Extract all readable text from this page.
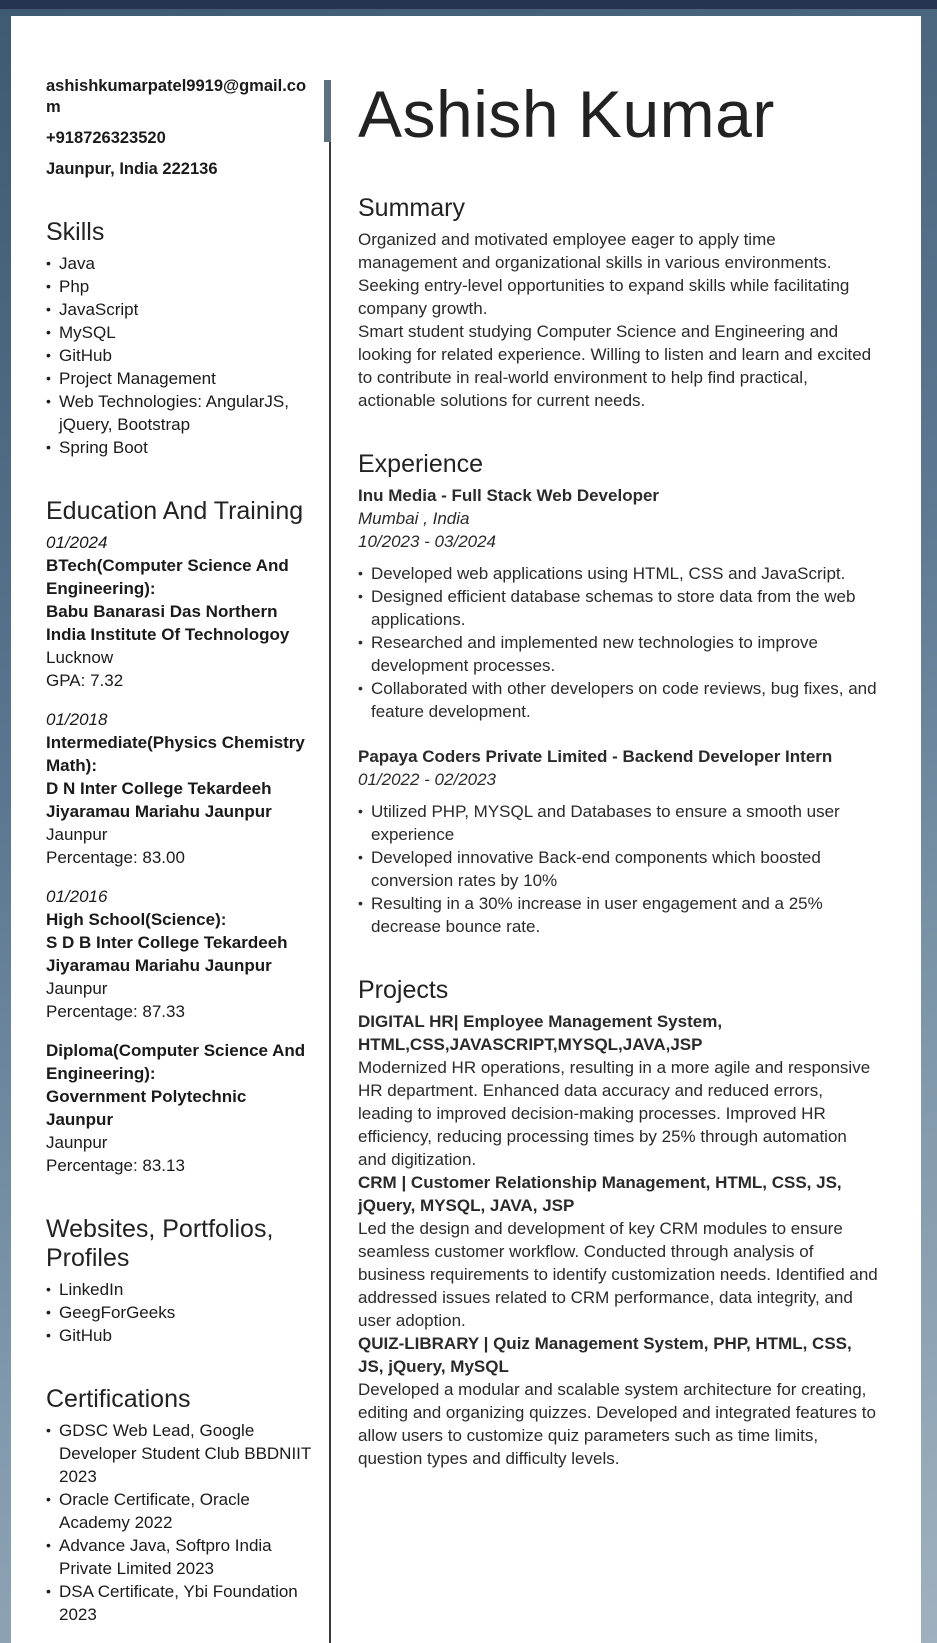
ashishkumarpatel9919@gmail.com
+918726323520
Jaunpur, India 222136
Skills
• Java
• Php
• JavaScript
• MySQL
• GitHub
• Project Management
• Web Technologies: AngularJS, jQuery, Bootstrap
• Spring Boot
Education And Training
01/2024
BTech(Computer Science And Engineering):
Babu Banarasi Das Northern India Institute Of Technologoy
Lucknow
GPA: 7.32
01/2018
Intermediate(Physics Chemistry Math):
D N Inter College Tekardeeh Jiyaramau Mariahu Jaunpur
Jaunpur
Percentage: 83.00
01/2016
High School(Science):
S D B Inter College Tekardeeh Jiyaramau Mariahu Jaunpur
Jaunpur
Percentage: 87.33
Diploma(Computer Science And Engineering):
Government Polytechnic Jaunpur
Jaunpur
Percentage: 83.13
Websites, Portfolios, Profiles
• LinkedIn
• GeegForGeeks
• GitHub
Certifications
• GDSC Web Lead, Google Developer Student Club BBDNIIT 2023
• Oracle Certificate, Oracle Academy 2022
• Advance Java, Softpro India Private Limited 2023
• DSA Certificate, Ybi Foundation 2023
Ashish Kumar
Summary
Organized and motivated employee eager to apply time management and organizational skills in various environments. Seeking entry-level opportunities to expand skills while facilitating company growth.
Smart student studying Computer Science and Engineering and looking for related experience. Willing to listen and learn and excited to contribute in real-world environment to help find practical, actionable solutions for current needs.
Experience
Inu Media - Full Stack Web Developer
Mumbai , India
10/2023 - 03/2024
• Developed web applications using HTML, CSS and JavaScript.
• Designed efficient database schemas to store data from the web applications.
• Researched and implemented new technologies to improve development processes.
• Collaborated with other developers on code reviews, bug fixes, and feature development.
Papaya Coders Private Limited - Backend Developer Intern
01/2022 - 02/2023
• Utilized PHP, MYSQL and Databases to ensure a smooth user experience
• Developed innovative Back-end components which boosted conversion rates by 10%
• Resulting in a 30% increase in user engagement and a 25% decrease bounce rate.
Projects
DIGITAL HR| Employee Management System, HTML,CSS,JAVASCRIPT,MYSQL,JAVA,JSP
Modernized HR operations, resulting in a more agile and responsive HR department. Enhanced data accuracy and reduced errors, leading to improved decision-making processes. Improved HR efficiency, reducing processing times by 25% through automation and digitization.
CRM | Customer Relationship Management, HTML, CSS, JS, jQuery, MYSQL, JAVA, JSP
Led the design and development of key CRM modules to ensure seamless customer workflow. Conducted through analysis of business requirements to identify customization needs. Identified and addressed issues related to CRM performance, data integrity, and user adoption.
QUIZ-LIBRARY | Quiz Management System, PHP, HTML, CSS, JS, jQuery, MySQL
Developed a modular and scalable system architecture for creating, editing and organizing quizzes. Developed and integrated features to allow users to customize quiz parameters such as time limits, question types and difficulty levels.
